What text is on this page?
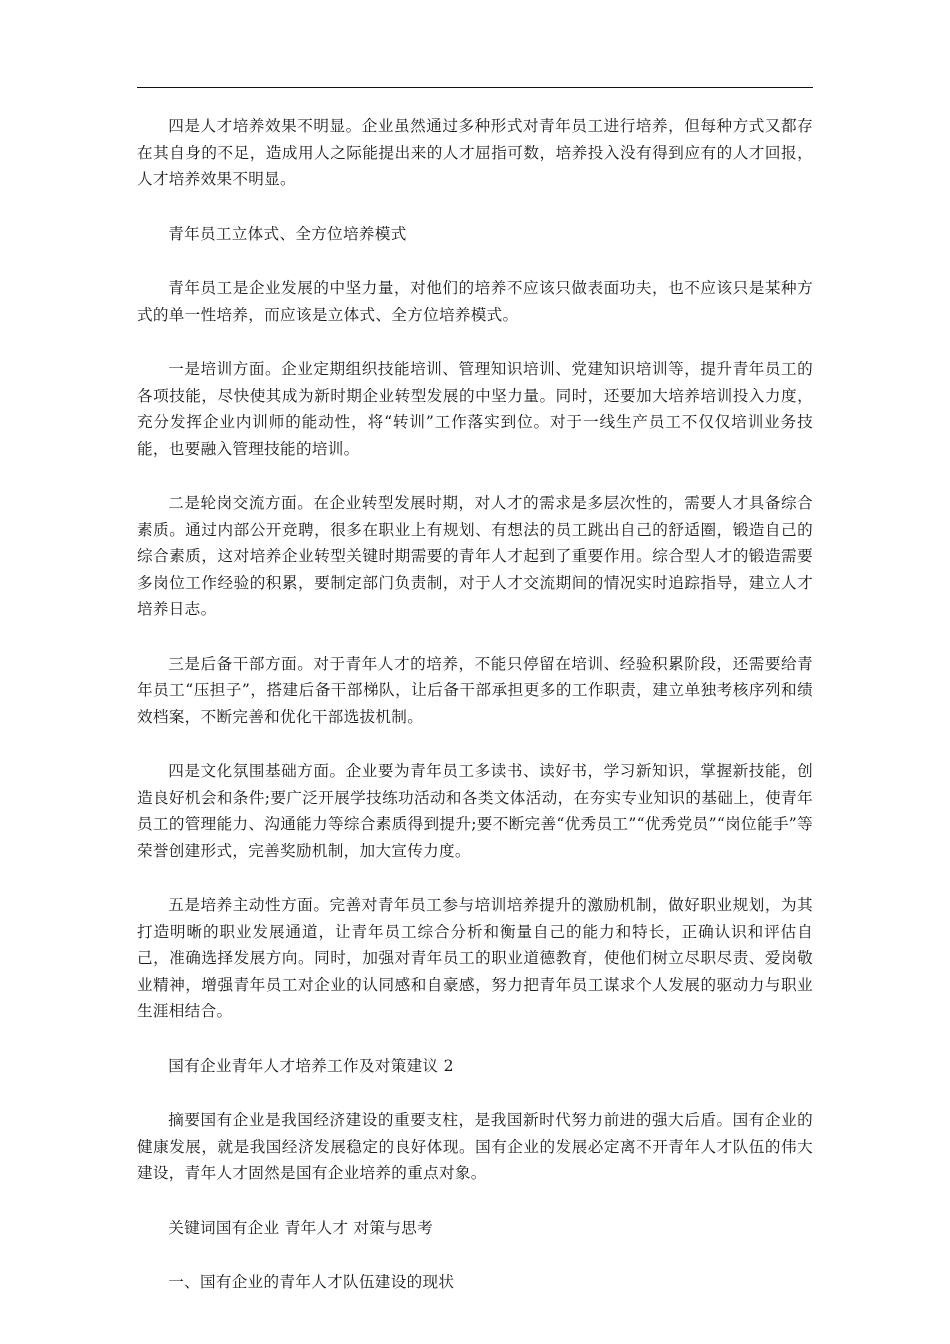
四是人才培养效果不明显。企业虽然通过多种形式对青年员工进行培养，但每种方式又都存在其自身的不足，造成用人之际能提出来的人才屈指可数，培养投入没有得到应有的人才回报，人才培养效果不明显。

青年员工立体式、全方位培养模式

青年员工是企业发展的中坚力量，对他们的培养不应该只做表面功夫，也不应该只是某种方式的单一性培养，而应该是立体式、全方位培养模式。

一是培训方面。企业定期组织技能培训、管理知识培训、党建知识培训等，提升青年员工的各项技能，尽快使其成为新时期企业转型发展的中坚力量。同时，还要加大培养培训投入力度，充分发挥企业内训师的能动性，将“转训”工作落实到位。对于一线生产员工不仅仅培训业务技能，也要融入管理技能的培训。

二是轮岗交流方面。在企业转型发展时期，对人才的需求是多层次性的，需要人才具备综合素质。通过内部公开竞聘，很多在职业上有规划、有想法的员工跳出自己的舒适圈，锻造自己的综合素质，这对培养企业转型关键时期需要的青年人才起到了重要作用。综合型人才的锻造需要多岗位工作经验的积累，要制定部门负责制，对于人才交流期间的情况实时追踪指导，建立人才培养日志。

三是后备干部方面。对于青年人才的培养，不能只停留在培训、经验积累阶段，还需要给青年员工“压担子”，搭建后备干部梯队，让后备干部承担更多的工作职责，建立单独考核序列和绩效档案，不断完善和优化干部选拔机制。

四是文化氛围基础方面。企业要为青年员工多读书、读好书，学习新知识，掌握新技能，创造良好机会和条件;要广泛开展学技练功活动和各类文体活动，在夯实专业知识的基础上，使青年员工的管理能力、沟通能力等综合素质得到提升;要不断完善“优秀员工”“优秀党员”“岗位能手”等荣誉创建形式，完善奖励机制，加大宣传力度。

五是培养主动性方面。完善对青年员工参与培训培养提升的激励机制，做好职业规划，为其打造明晰的职业发展通道，让青年员工综合分析和衡量自己的能力和特长，正确认识和评估自己，准确选择发展方向。同时，加强对青年员工的职业道德教育，使他们树立尽职尽责、爱岗敬业精神，增强青年员工对企业的认同感和自豪感，努力把青年员工谋求个人发展的驱动力与职业生涯相结合。

国有企业青年人才培养工作及对策建议 2

摘要国有企业是我国经济建设的重要支柱，是我国新时代努力前进的强大后盾。国有企业的健康发展，就是我国经济发展稳定的良好体现。国有企业的发展必定离不开青年人才队伍的伟大建设，青年人才固然是国有企业培养的重点对象。

关键词国有企业 青年人才 对策与思考

一、国有企业的青年人才队伍建设的现状
